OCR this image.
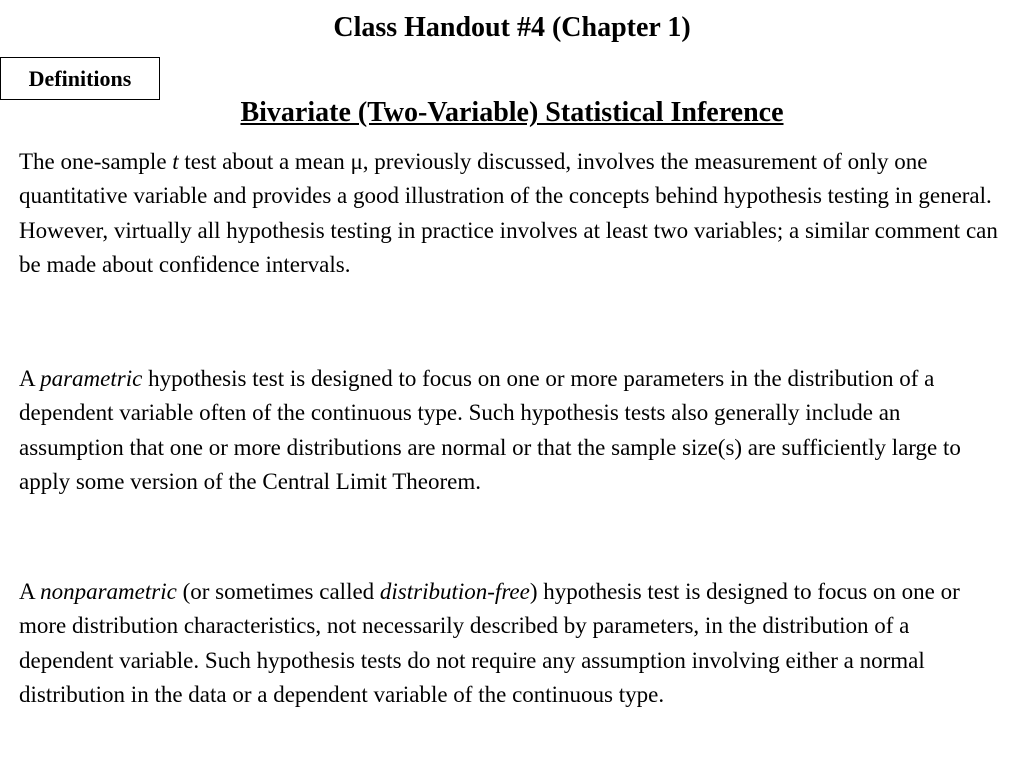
Class Handout #4 (Chapter 1)
Definitions
Bivariate (Two-Variable) Statistical Inference

The one-sample t test about a mean μ, previously discussed, involves the measurement of only one quantitative variable and provides a good illustration of the concepts behind hypothesis testing in general. However, virtually all hypothesis testing in practice involves at least two variables; a similar comment can be made about confidence intervals.

A parametric hypothesis test is designed to focus on one or more parameters in the distribution of a dependent variable often of the continuous type. Such hypothesis tests also generally include an assumption that one or more distributions are normal or that the sample size(s) are sufficiently large to apply some version of the Central Limit Theorem.

A nonparametric (or sometimes called distribution-free) hypothesis test is designed to focus on one or more distribution characteristics, not necessarily described by parameters, in the distribution of a dependent variable. Such hypothesis tests do not require any assumption involving either a normal distribution in the data or a dependent variable of the continuous type.
